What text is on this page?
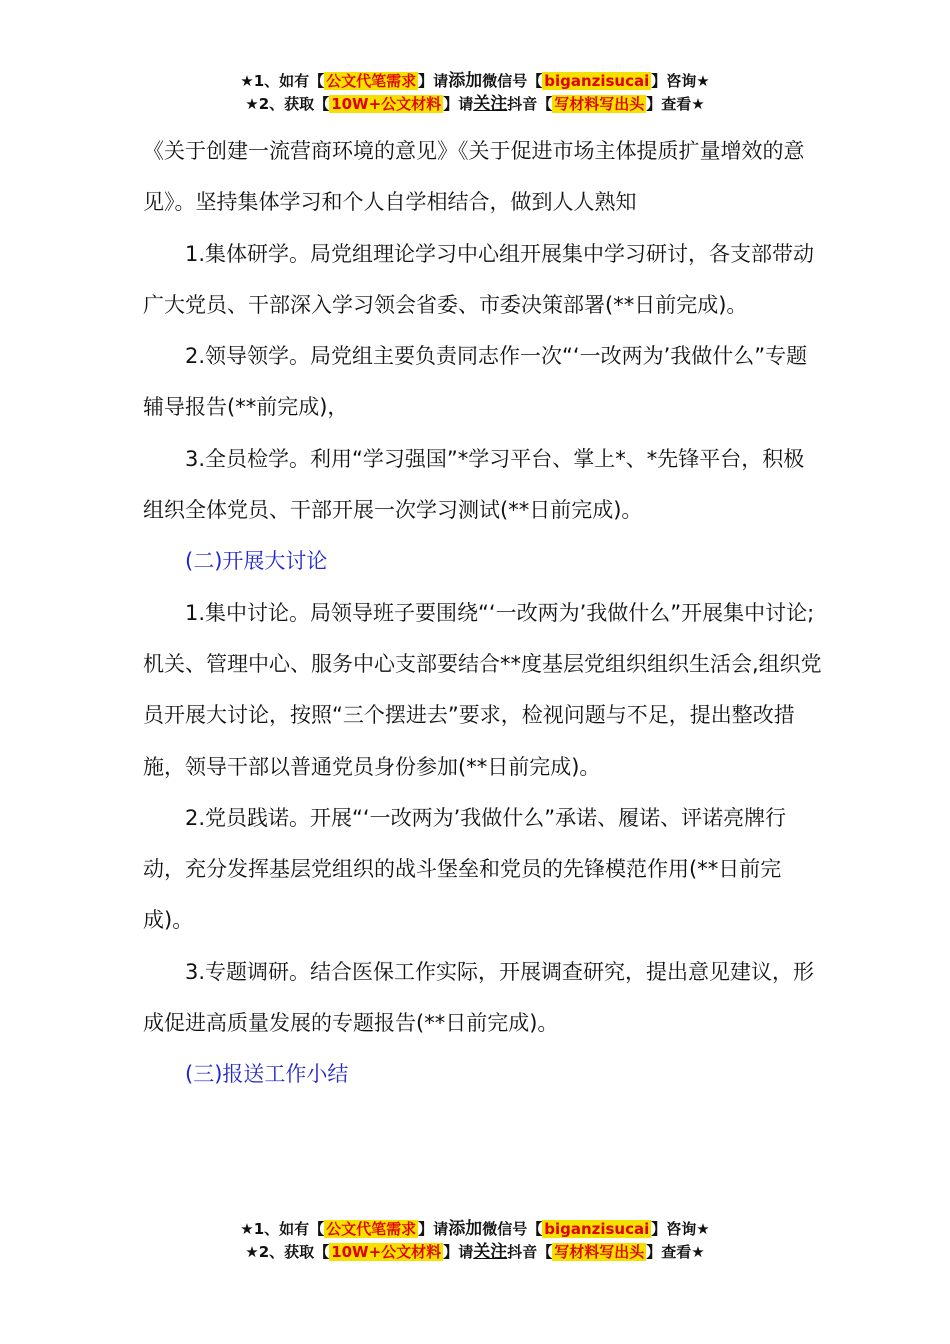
★1、如有【 公文代笔需求 】请添加微信号【 biganzisucai 】咨询★
★2、获取【 10W+公文材料 】请关注抖音【 写材料写出头 】查看★

《关于创建一流营商环境的意见》《关于促进市场主体提质扩量增效的意见》。坚持集体学习和个人自学相结合，做到人人熟知

1.集体研学。局党组理论学习中心组开展集中学习研讨，各支部带动广大党员、干部深入学习领会省委、市委决策部署(**日前完成)。

2.领导领学。局党组主要负责同志作一次“‘一改两为’我做什么”专题辅导报告(**前完成)，

3.全员检学。利用“学习强国”*学习平台、掌上*、*先锋平台，积极组织全体党员、干部开展一次学习测试(**日前完成)。

(二)开展大讨论

1.集中讨论。局领导班子要围绕“‘一改两为’我做什么”开展集中讨论;机关、管理中心、服务中心支部要结合**度基层党组织组织生活会,组织党员开展大讨论，按照“三个摆进去”要求，检视问题与不足，提出整改措施，领导干部以普通党员身份参加(**日前完成)。

2.党员践诺。开展“‘一改两为’我做什么”承诺、履诺、评诺亮牌行动，充分发挥基层党组织的战斗堡垒和党员的先锋模范作用(**日前完成)。

3.专题调研。结合医保工作实际，开展调查研究，提出意见建议，形成促进高质量发展的专题报告(**日前完成)。

(三)报送工作小结

★1、如有【 公文代笔需求 】请添加微信号【 biganzisucai 】咨询★
★2、获取【 10W+公文材料 】请关注抖音【 写材料写出头 】查看★
